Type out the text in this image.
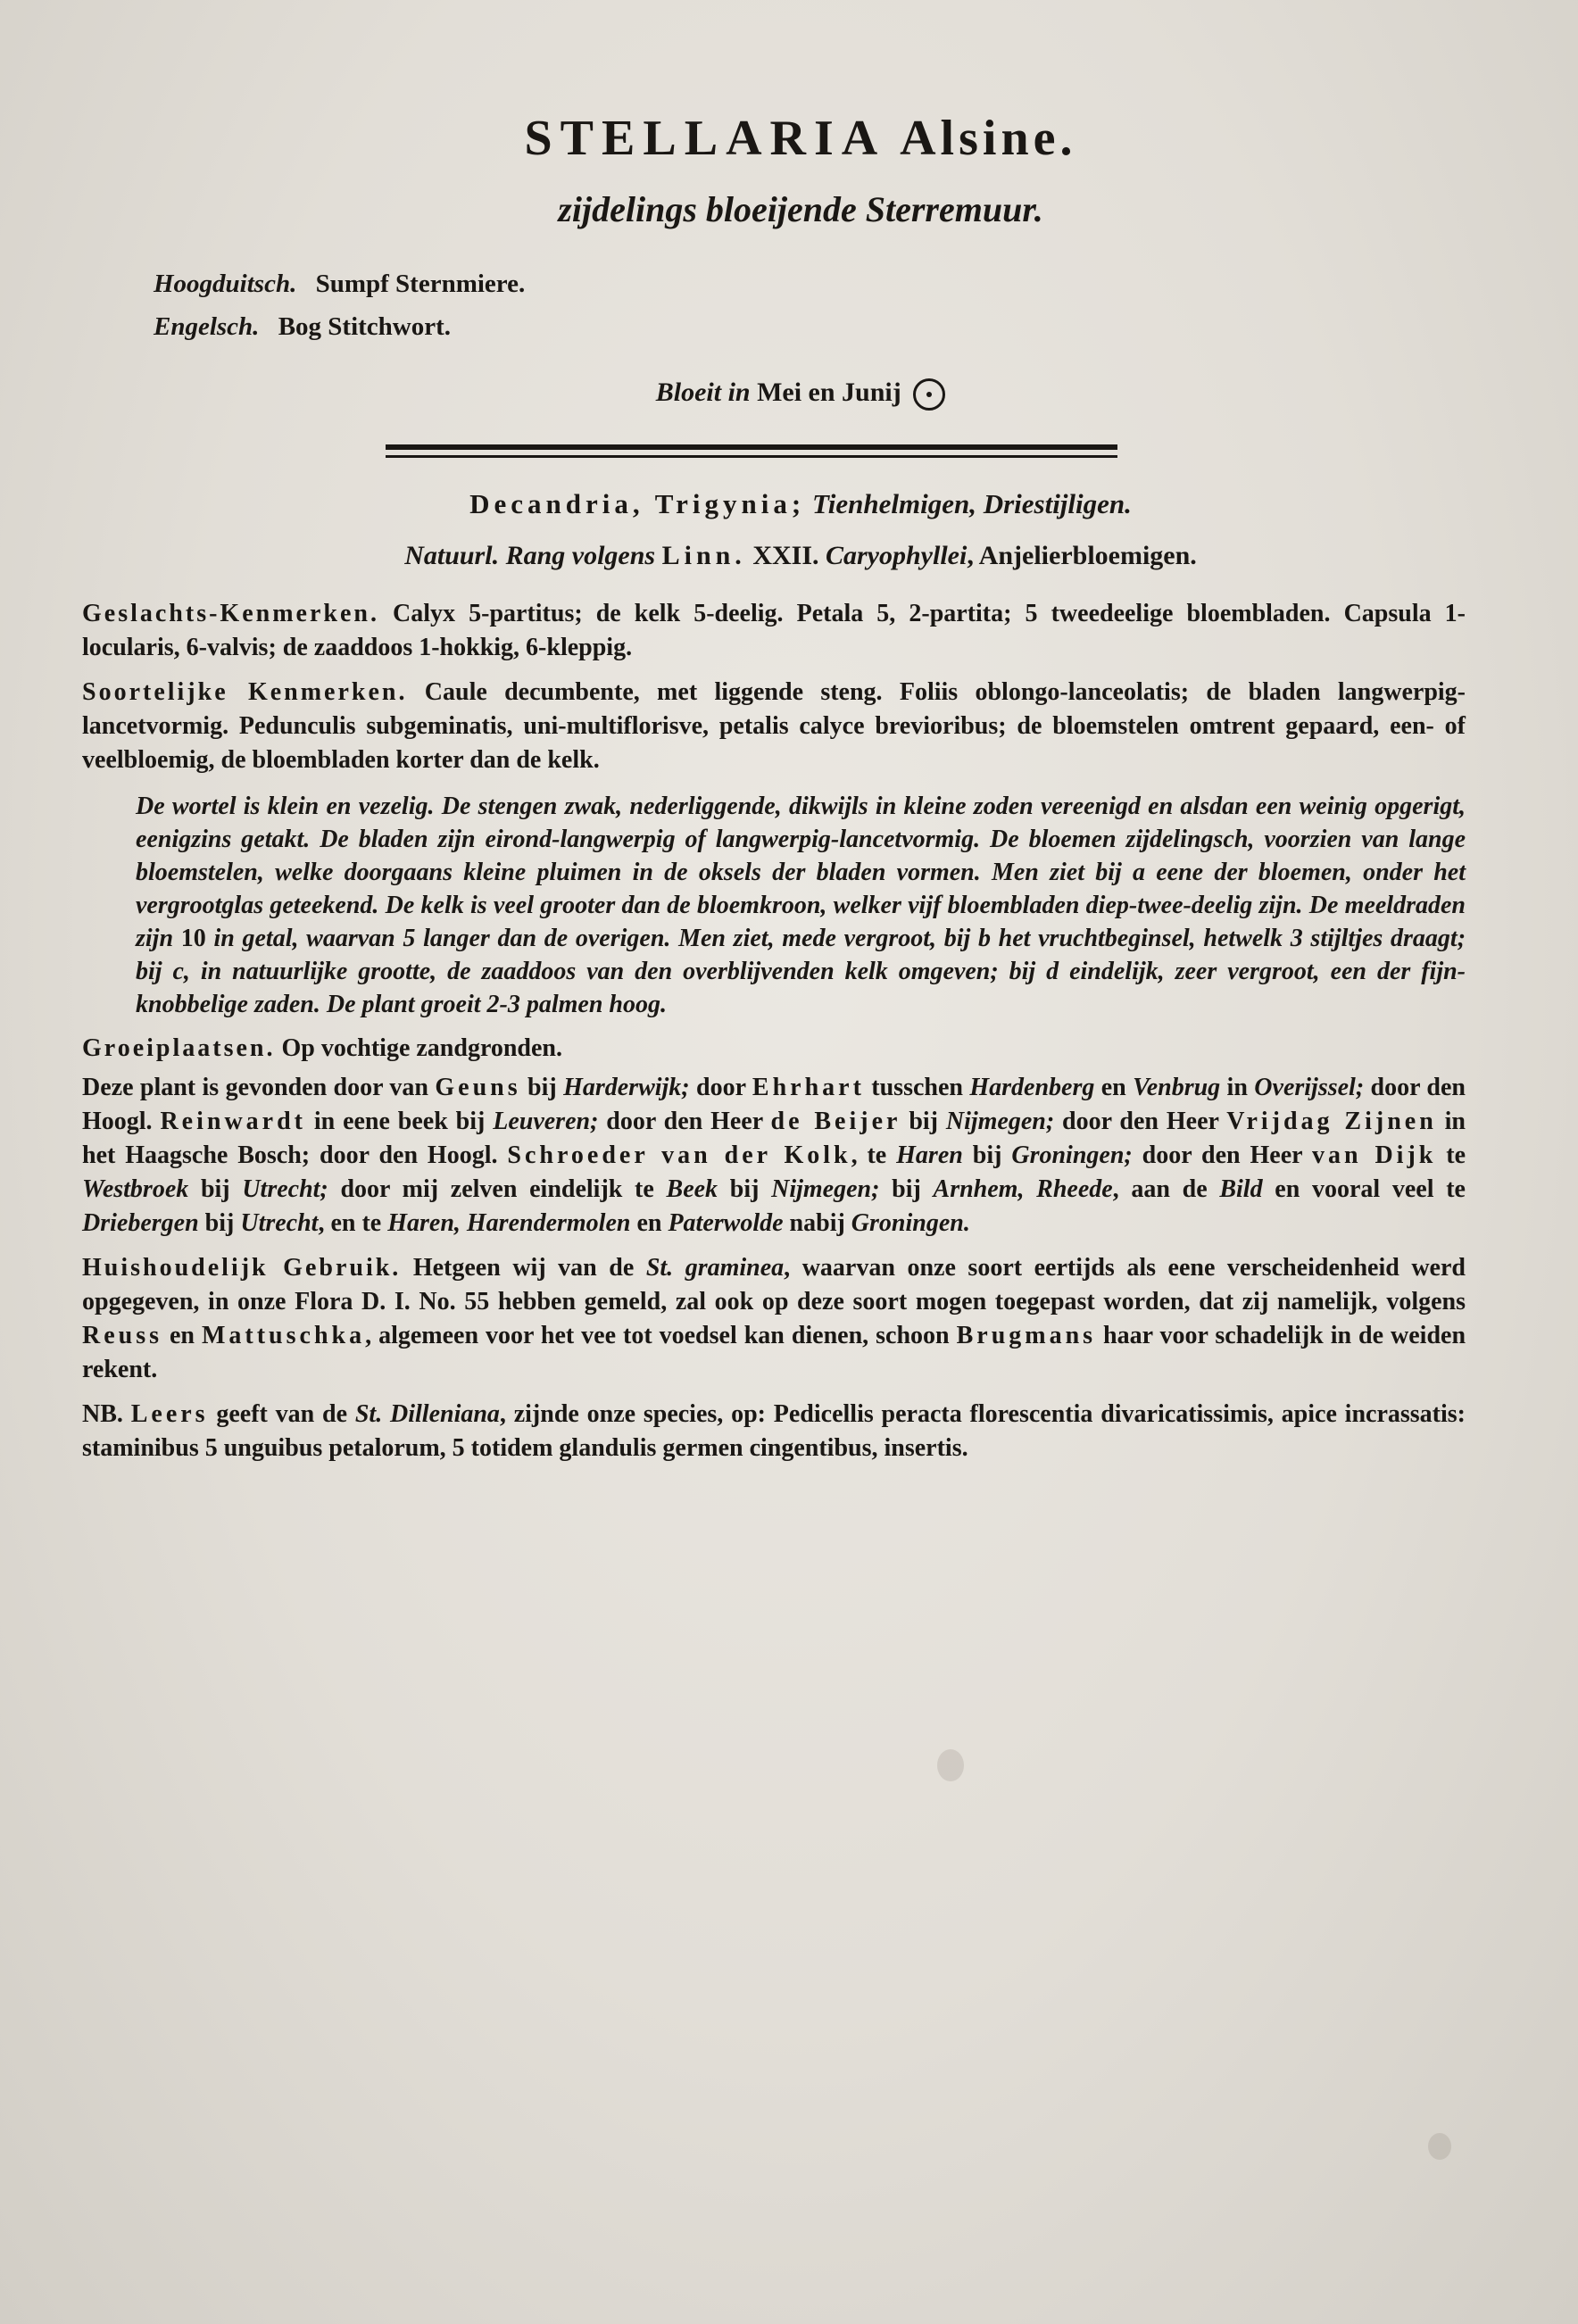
STELLARIA Alsine.
zijdelings bloeijende Sterremuur.
Hoogduitsch. Sumpf Sternmiere.
Engelsch. Bog Stitchwort.
Bloeit in Mei en Junij
Decandria, Trigynia; Tienhelmigen, Driestijligen.
Natuurl. Rang volgens Linn. XXII. Caryophyllei, Anjelierbloemigen.

Geslachts-Kenmerken. Calyx 5-partitus; de kelk 5-deelig. Petala 5, 2-partita; 5 tweedeelige bloembladen. Capsula 1-locularis, 6-valvis; de zaaddoos 1-hokkig, 6-kleppig.

Soortelijke Kenmerken. Caule decumbente, met liggende steng. Foliis oblongo-lanceolatis; de bladen langwerpig-lancetvormig. Pedunculis subgeminatis, uni-multiflorisve, petalis calyce brevioribus; de bloemstelen omtrent gepaard, een- of veelbloemig, de bloembladen korter dan de kelk.

De wortel is klein en vezelig. De stengen zwak, nederliggende, dikwijls in kleine zoden vereenigd en alsdan een weinig opgerigt, eenigzins getakt. De bladen zijn eirond-langwerpig of langwerpig-lancetvormig. De bloemen zijdelingsch, voorzien van lange bloemstelen, welke doorgaans kleine pluimen in de oksels der bladen vormen. Men ziet bij a eene der bloemen, onder het vergrootglas geteekend. De kelk is veel grooter dan de bloemkroon, welker vijf bloembladen diep-twee-deelig zijn. De meeldraden zijn 10 in getal, waarvan 5 langer dan de overigen. Men ziet, mede vergroot, bij b het vruchtbeginsel, hetwelk 3 stijltjes draagt; bij c, in natuurlijke grootte, de zaaddoos van den overblijvenden kelk omgeven; bij d eindelijk, zeer vergroot, een der fijn-knobbelige zaden. De plant groeit 2-3 palmen hoog.

Groeiplaatsen. Op vochtige zandgronden.

Deze plant is gevonden door van Geuns bij Harderwijk; door Ehrhart tusschen Hardenberg en Venbrug in Overijssel; door den Hoogl. Reinwardt in eene beek bij Leuveren; door den Heer de Beijer bij Nijmegen; door den Heer Vrijdag Zijnen in het Haagsche Bosch; door den Hoogl. Schroeder van der Kolk, te Haren bij Groningen; door den Heer van Dijk te Westbroek bij Utrecht; door mij zelven eindelijk te Beek bij Nijmegen; bij Arnhem, Rheede, aan de Bild en vooral veel te Driebergen bij Utrecht, en te Haren, Harendermolen en Paterwolde nabij Groningen.

Huishoudelijk Gebruik. Hetgeen wij van de St. graminea, waarvan onze soort eertijds als eene verscheidenheid werd opgegeven, in onze Flora D. I. No. 55 hebben gemeld, zal ook op deze soort mogen toegepast worden, dat zij namelijk, volgens Reuss en Mattuschka, algemeen voor het vee tot voedsel kan dienen, schoon Brugmans haar voor schadelijk in de weiden rekent.

NB. Leers geeft van de St. Dilleniana, zijnde onze species, op: Pedicellis peracta florescentia divaricatissimis, apice incrassatis: staminibus 5 unguibus petalorum, 5 totidem glandulis germen cingentibus, insertis.
